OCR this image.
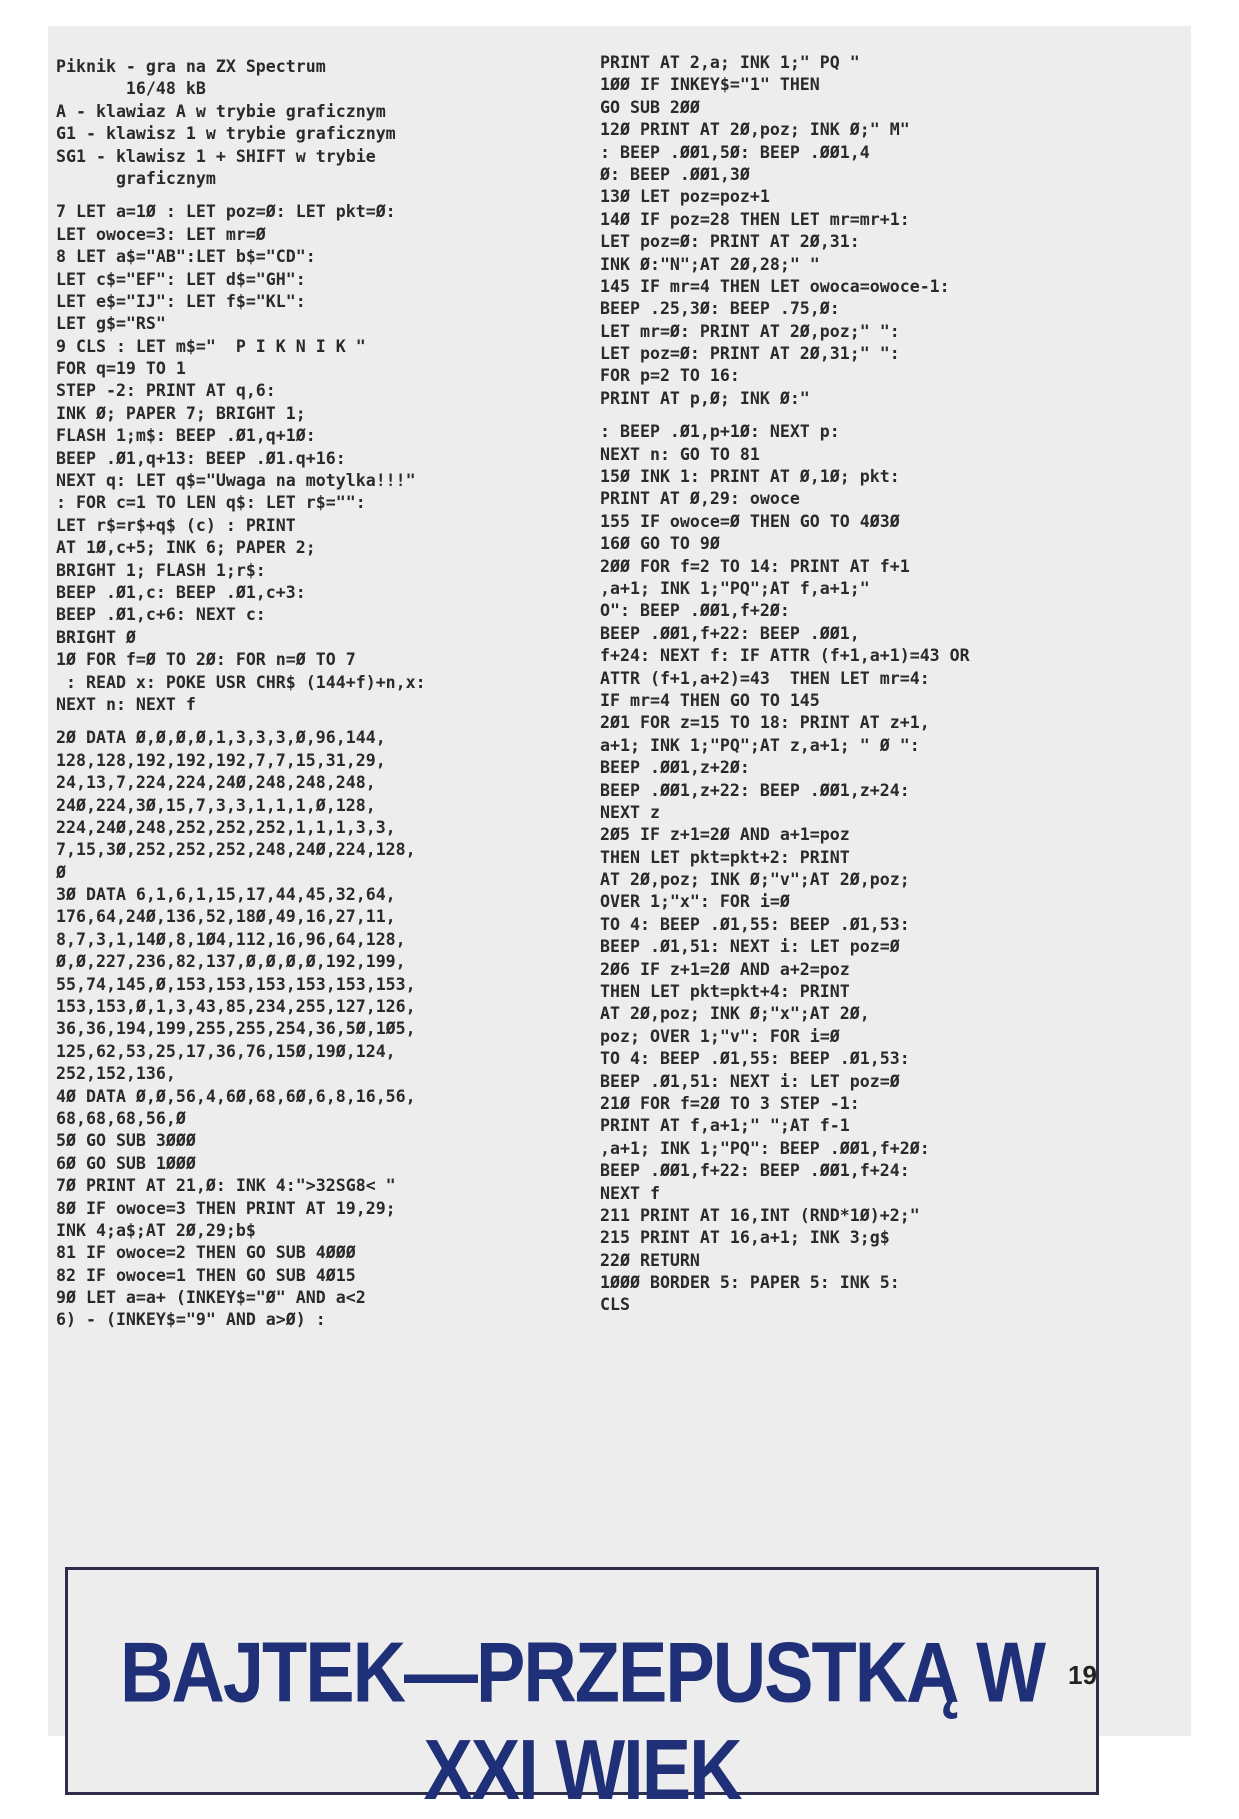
Piknik - gra na ZX Spectrum
16/48 kB
A - klawiaz A w trybie graficznym
G1 - klawisz 1 w trybie graficznym
SG1 - klawisz 1 + SHIFT w trybie
graficznym
7 LET a=1Ø : LET poz=Ø: LET pkt=Ø:
LET owoce=3: LET mr=Ø
8 LET a$="AB":LET b$="CD":
LET c$="EF": LET d$="GH":
LET e$="IJ": LET f$="KL":
LET g$="RS"
9 CLS : LET m$="  P I K N I K "
FOR q=19 TO 1
STEP -2: PRINT AT q,6:
INK Ø; PAPER 7; BRIGHT 1;
FLASH 1;m$: BEEP .Ø1,q+1Ø:
BEEP .Ø1,q+13: BEEP .Ø1.q+16:
NEXT q: LET q$="Uwaga na motylka!!!"
: FOR c=1 TO LEN q$: LET r$="":
LET r$=r$+q$ (c) : PRINT
AT 1Ø,c+5; INK 6; PAPER 2;
BRIGHT 1; FLASH 1;r$:
BEEP .Ø1,c: BEEP .Ø1,c+3:
BEEP .Ø1,c+6: NEXT c:
BRIGHT Ø
1Ø FOR f=Ø TO 2Ø: FOR n=Ø TO 7
: READ x: POKE USR CHR$ (144+f)+n,x:
NEXT n: NEXT f
2Ø DATA Ø,Ø,Ø,Ø,1,3,3,3,Ø,96,144,
128,128,192,192,192,7,7,15,31,29,
24,13,7,224,224,24Ø,248,248,248,
24Ø,224,3Ø,15,7,3,3,1,1,1,Ø,128,
224,24Ø,248,252,252,252,1,1,1,3,3,
7,15,3Ø,252,252,252,248,24Ø,224,128,
Ø
3Ø DATA 6,1,6,1,15,17,44,45,32,64,
176,64,24Ø,136,52,18Ø,49,16,27,11,
8,7,3,1,14Ø,8,1Ø4,112,16,96,64,128,
Ø,Ø,227,236,82,137,Ø,Ø,Ø,Ø,192,199,
55,74,145,Ø,153,153,153,153,153,153,
153,153,Ø,1,3,43,85,234,255,127,126,
36,36,194,199,255,255,254,36,5Ø,1Ø5,
125,62,53,25,17,36,76,15Ø,19Ø,124,
252,152,136,
4Ø DATA Ø,Ø,56,4,6Ø,68,6Ø,6,8,16,56,
68,68,68,56,Ø
5Ø GO SUB 3ØØØ
6Ø GO SUB 1ØØØ
7Ø PRINT AT 21,Ø: INK 4:">32SG8< "
8Ø IF owoce=3 THEN PRINT AT 19,29;
INK 4;a$;AT 2Ø,29;b$
81 IF owoce=2 THEN GO SUB 4ØØØ
82 IF owoce=1 THEN GO SUB 4Ø15
9Ø LET a=a+ (INKEY$="Ø" AND a<2
6) - (INKEY$="9" AND a>Ø) :
PRINT AT 2,a; INK 1;" PQ "
1ØØ IF INKEY$="1" THEN
GO SUB 2ØØ
12Ø PRINT AT 2Ø,poz; INK Ø;" M"
: BEEP .ØØ1,5Ø: BEEP .ØØ1,4
Ø: BEEP .ØØ1,3Ø
13Ø LET poz=poz+1
14Ø IF poz=28 THEN LET mr=mr+1:
LET poz=Ø: PRINT AT 2Ø,31:
INK Ø:"N";AT 2Ø,28;" "
145 IF mr=4 THEN LET owoca=owoce-1:
BEEP .25,3Ø: BEEP .75,Ø:
LET mr=Ø: PRINT AT 2Ø,poz;" ":
LET poz=Ø: PRINT AT 2Ø,31;" ":
FOR p=2 TO 16:
PRINT AT p,Ø; INK Ø:"
: BEEP .Ø1,p+1Ø: NEXT p:
NEXT n: GO TO 81
15Ø INK 1: PRINT AT Ø,1Ø; pkt:
PRINT AT Ø,29: owoce
155 IF owoce=Ø THEN GO TO 4Ø3Ø
16Ø GO TO 9Ø
2ØØ FOR f=2 TO 14: PRINT AT f+1
,a+1; INK 1;"PQ";AT f,a+1;"
O": BEEP .ØØ1,f+2Ø:
BEEP .ØØ1,f+22: BEEP .ØØ1,
f+24: NEXT f: IF ATTR (f+1,a+1)=43 OR
ATTR (f+1,a+2)=43  THEN LET mr=4:
IF mr=4 THEN GO TO 145
2Ø1 FOR z=15 TO 18: PRINT AT z+1,
a+1; INK 1;"PQ";AT z,a+1; " Ø ":
BEEP .ØØ1,z+2Ø:
BEEP .ØØ1,z+22: BEEP .ØØ1,z+24:
NEXT z
2Ø5 IF z+1=2Ø AND a+1=poz
THEN LET pkt=pkt+2: PRINT
AT 2Ø,poz; INK Ø;"v";AT 2Ø,poz;
OVER 1;"x": FOR i=Ø
TO 4: BEEP .Ø1,55: BEEP .Ø1,53:
BEEP .Ø1,51: NEXT i: LET poz=Ø
2Ø6 IF z+1=2Ø AND a+2=poz
THEN LET pkt=pkt+4: PRINT
AT 2Ø,poz; INK Ø;"x";AT 2Ø,
poz; OVER 1;"v": FOR i=Ø
TO 4: BEEP .Ø1,55: BEEP .Ø1,53:
BEEP .Ø1,51: NEXT i: LET poz=Ø
21Ø FOR f=2Ø TO 3 STEP -1:
PRINT AT f,a+1;" ";AT f-1
,a+1; INK 1;"PQ": BEEP .ØØ1,f+2Ø:
BEEP .ØØ1,f+22: BEEP .ØØ1,f+24:
NEXT f
211 PRINT AT 16,INT (RND*1Ø)+2;"
215 PRINT AT 16,a+1; INK 3;g$
22Ø RETURN
1ØØØ BORDER 5: PAPER 5: INK 5:
CLS
BAJTEK—PRZEPUSTKĄ W XXI WIEK
19
